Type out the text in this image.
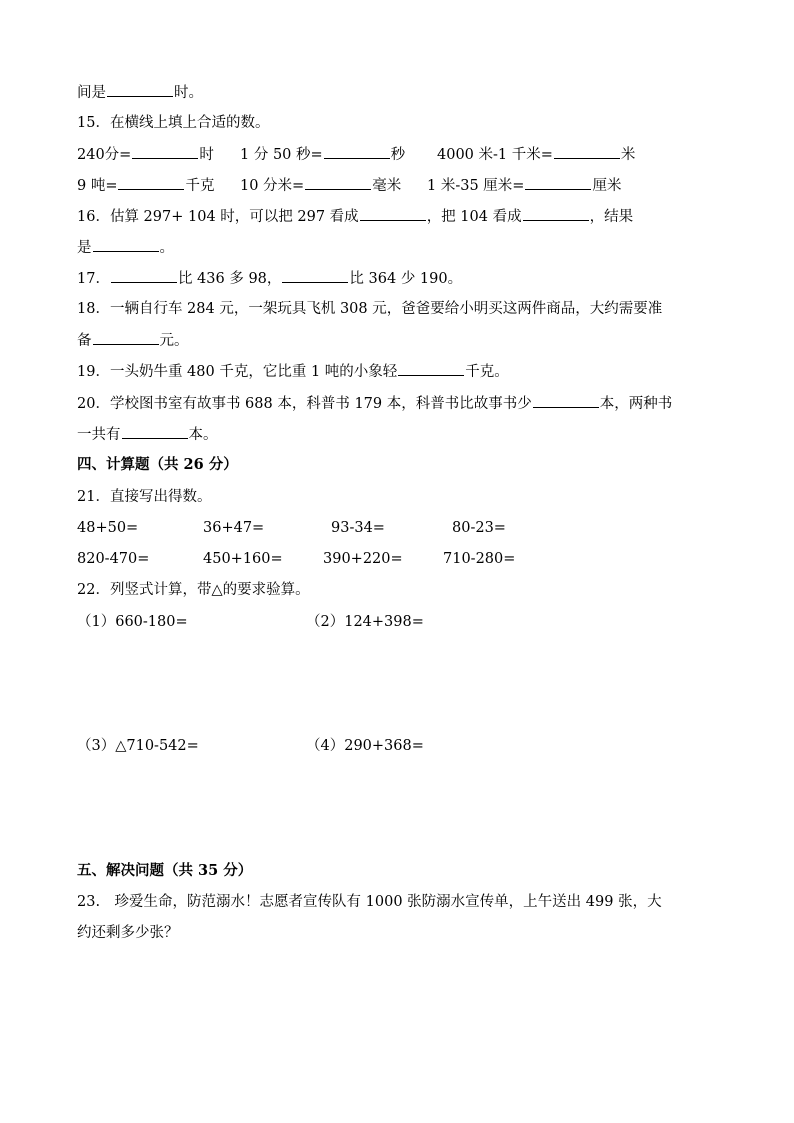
间是	时。
15．在横线上填上合适的数。
240分=	时 1 分 50 秒=	秒 4000 米-1 千米=	米
9 吨=	千克 10 分米=	毫米 1 米-35 厘米=	厘米
16．估算 297+ 104 时，可以把 297 看成	，把 104 看成	，结果
是	。
17．	比 436 多 98，	比 364 少 190。
18．一辆自行车 284 元，一架玩具飞机 308 元，爸爸要给小明买这两件商品，大约需要准
备	元。
19．一头奶牛重 480 千克，它比重 1 吨的小象轻	千克。
20．学校图书室有故事书 688 本，科普书 179 本，科普书比故事书少	本，两种书
一共有	本。
四、计算题（共 26 分）
21．直接写出得数。
48+50=	36+47=	93-34=	80-23=
820-470=	450+160=	390+220=	710-280=
22．列竖式计算，带△的要求验算。
（1）660-180=	（2）124+398=
（3）△710-542=	（4）290+368=
五、解决问题（共 35 分）
23.　珍爱生命，防范溺水！志愿者宣传队有 1000 张防溺水宣传单，上午送出 499 张，大
约还剩多少张？
